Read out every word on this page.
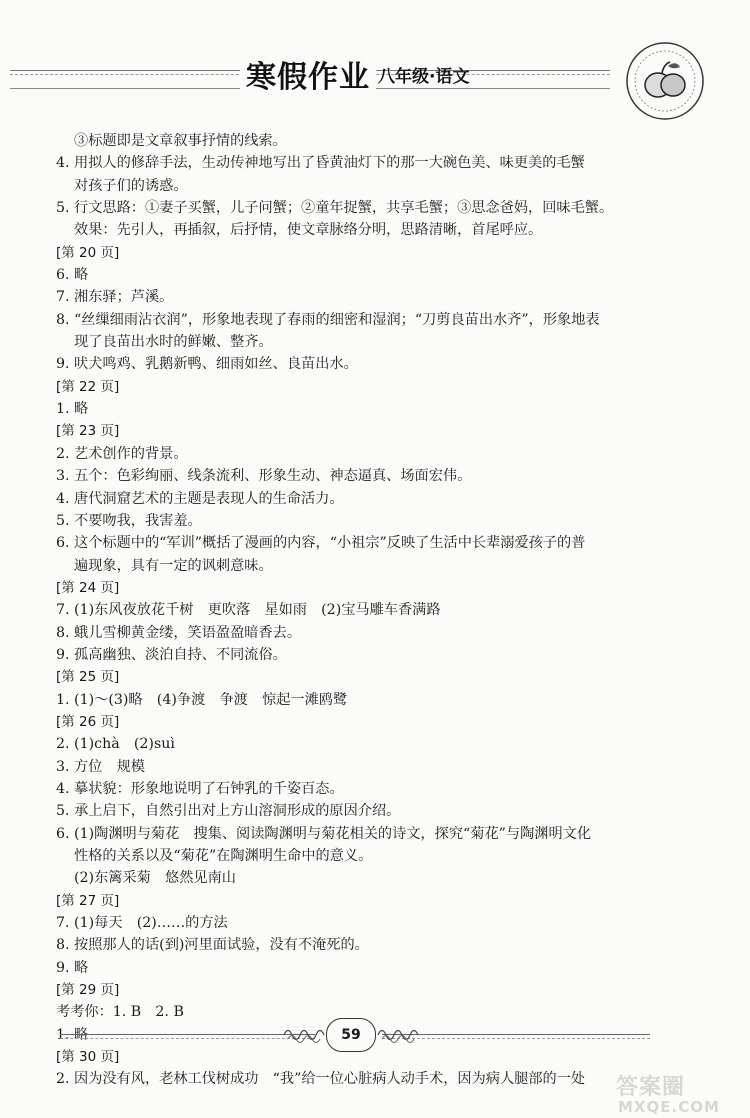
寒假作业 八年级·语文
③标题即是文章叙事抒情的线索。
4. 用拟人的修辞手法，生动传神地写出了昏黄油灯下的那一大碗色美、味更美的毛蟹
对孩子们的诱惑。
5. 行文思路：①妻子买蟹，儿子问蟹；②童年捉蟹，共享毛蟹；③思念爸妈，回味毛蟹。
效果：先引人，再插叙，后抒情，使文章脉络分明，思路清晰，首尾呼应。
[第 20 页]
6. 略
7. 湘东驿；芦溪。
8. “丝缫细雨沾衣润”，形象地表现了春雨的细密和湿润；“刀剪良苗出水齐”，形象地表
现了良苗出水时的鲜嫩、整齐。
9. 吠犬鸣鸡、乳鹅新鸭、细雨如丝、良苗出水。
[第 22 页]
1. 略
[第 23 页]
2. 艺术创作的背景。
3. 五个：色彩绚丽、线条流利、形象生动、神态逼真、场面宏伟。
4. 唐代洞窟艺术的主题是表现人的生命活力。
5. 不要吻我，我害羞。
6. 这个标题中的“军训”概括了漫画的内容，“小祖宗”反映了生活中长辈溺爱孩子的普
遍现象，具有一定的讽刺意味。
[第 24 页]
7. (1)东风夜放花千树　更吹落　星如雨　(2)宝马雕车香满路
8. 蛾儿雪柳黄金缕，笑语盈盈暗香去。
9. 孤高幽独、淡泊自持、不同流俗。
[第 25 页]
1. (1)～(3)略　(4)争渡　争渡　惊起一滩鸥鹭
[第 26 页]
2. (1)chà　(2)suì
3. 方位　规模
4. 摹状貌：形象地说明了石钟乳的千姿百态。
5. 承上启下，自然引出对上方山溶洞形成的原因介绍。
6. (1)陶渊明与菊花　搜集、阅读陶渊明与菊花相关的诗文，探究“菊花”与陶渊明文化
性格的关系以及“菊花”在陶渊明生命中的意义。
(2)东篱采菊　悠然见南山
[第 27 页]
7. (1)每天　(2)……的方法
8. 按照那人的话(到)河里面试验，没有不淹死的。
9. 略
[第 29 页]
考考你：1. B　2. B
1. 略
[第 30 页]
2. 因为没有风，老林工伐树成功　“我”给一位心脏病人动手术，因为病人腿部的一处
59
答案圈
MXQE.COM
